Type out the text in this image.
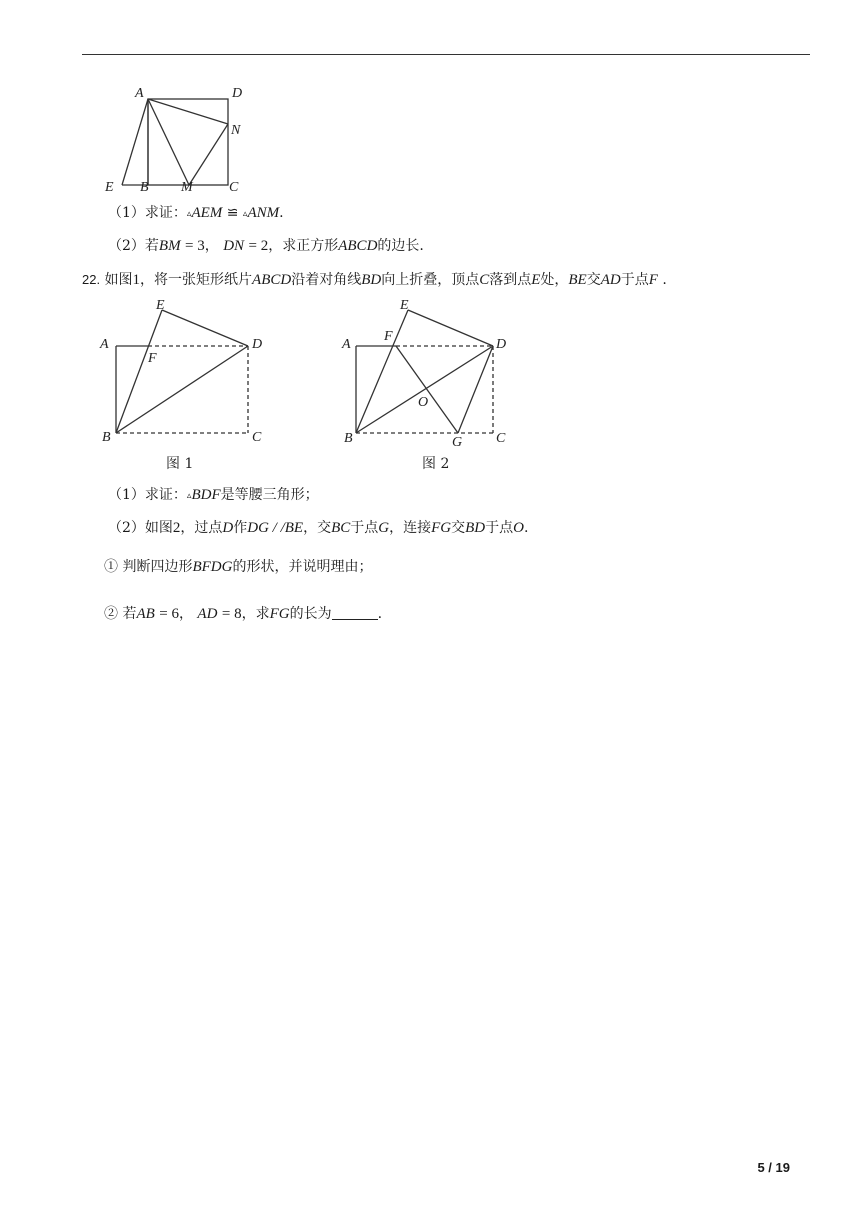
A	D
N
E B M	C
（1）求证：▵AEM ≌ ▵ANM.
（2）若BM = 3， DN = 2，求正方形ABCD的边长.
22. 如图1，将一张矩形纸片ABCD沿着对角线BD向上折叠，顶点C落到点E处，BE交AD于点F .
E
A
F
D
B	C
图 1
E
A
F
D
O
B	G C
图 2
（1）求证：▵BDF是等腰三角形；
（2）如图2，过点D作DG / /BE，交BC于点G，连接FG交BD于点O.
① 判断四边形BFDG的形状，并说明理由；
② 若AB = 6， AD = 8，求FG的长为	.
5 / 19
